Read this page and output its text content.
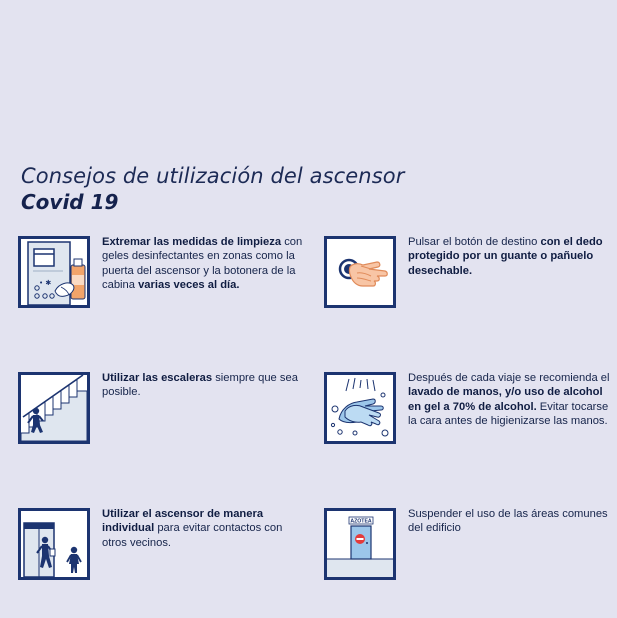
Consejos de utilización del ascensor
Covid 19
• ✱
Extremar las medidas de limpieza con geles desinfectantes en zonas como la puerta del ascensor y la botonera de la cabina varias veces al día.
Pulsar el botón de destino con el dedo protegido por un guante o pañuelo desechable.
Utilizar las escaleras siempre que sea posible.
Después de cada viaje se recomienda el lavado de manos, y/o uso de alcohol en gel a 70% de alcohol. Evitar tocarse la cara antes de higienizarse las manos.
Utilizar el ascensor de manera individual para evitar contactos con otros vecinos.
AZOTEA
Suspender el uso de las áreas comunes del edificio
